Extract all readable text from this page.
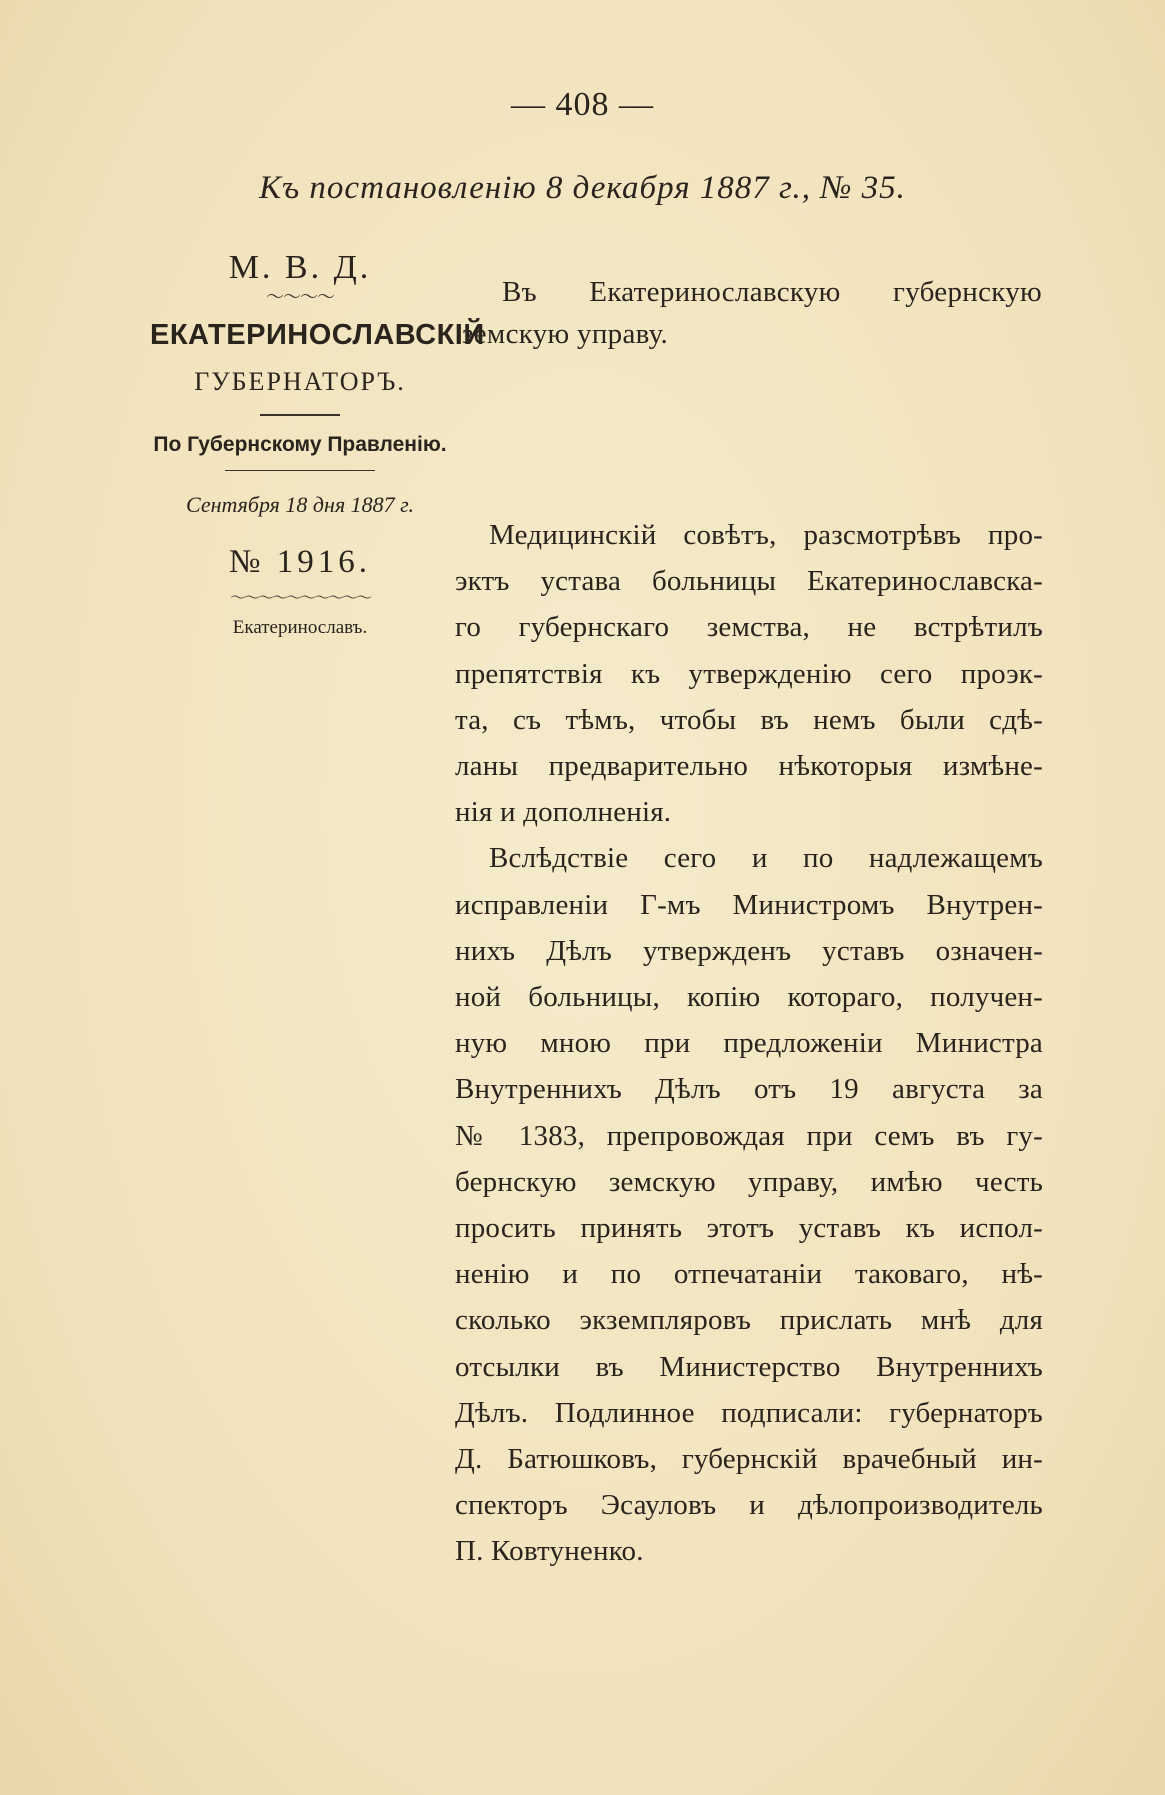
— 408 —
Къ постановленію 8 декабря 1887 г., № 35.
М. В. Д.
～～～～
ЕКАТЕРИНОСЛАВСКІЙ
ГУБЕРНАТОРЪ.
По Губернскому Правленію.
Сентября 18 дня 1887 г.
№ 1916.
～～～～～～～～～～
Екатеринославъ.
Въ Екатеринославскую губернскую
земскую управу.

Медицинскій совѣтъ, разсмотрѣвъ про-
эктъ устава больницы Екатеринославска-
го губернскаго земства, не встрѣтилъ
препятствія къ утвержденію сего проэк-
та, съ тѣмъ, чтобы въ немъ были сдѣ-
ланы предварительно нѣкоторыя измѣне-
нія и дополненія.

Вслѣдствіе сего и по надлежащемъ
исправленіи Г-мъ Министромъ Внутрен-
нихъ Дѣлъ утвержденъ уставъ означен-
ной больницы, копію котораго, получен-
ную мною при предложеніи Министра
Внутреннихъ Дѣлъ отъ 19 августа за
№ 1383, препровождая при семъ въ гу-
бернскую земскую управу, имѣю честь
просить принять этотъ уставъ къ испол-
ненію и по отпечатаніи таковаго, нѣ-
сколько экземпляровъ прислать мнѣ для
отсылки въ Министерство Внутреннихъ
Дѣлъ. Подлинное подписали: губернаторъ
Д. Батюшковъ, губернскій врачебный ин-
спекторъ Эсауловъ и дѣлопроизводитель
П. Ковтуненко.
